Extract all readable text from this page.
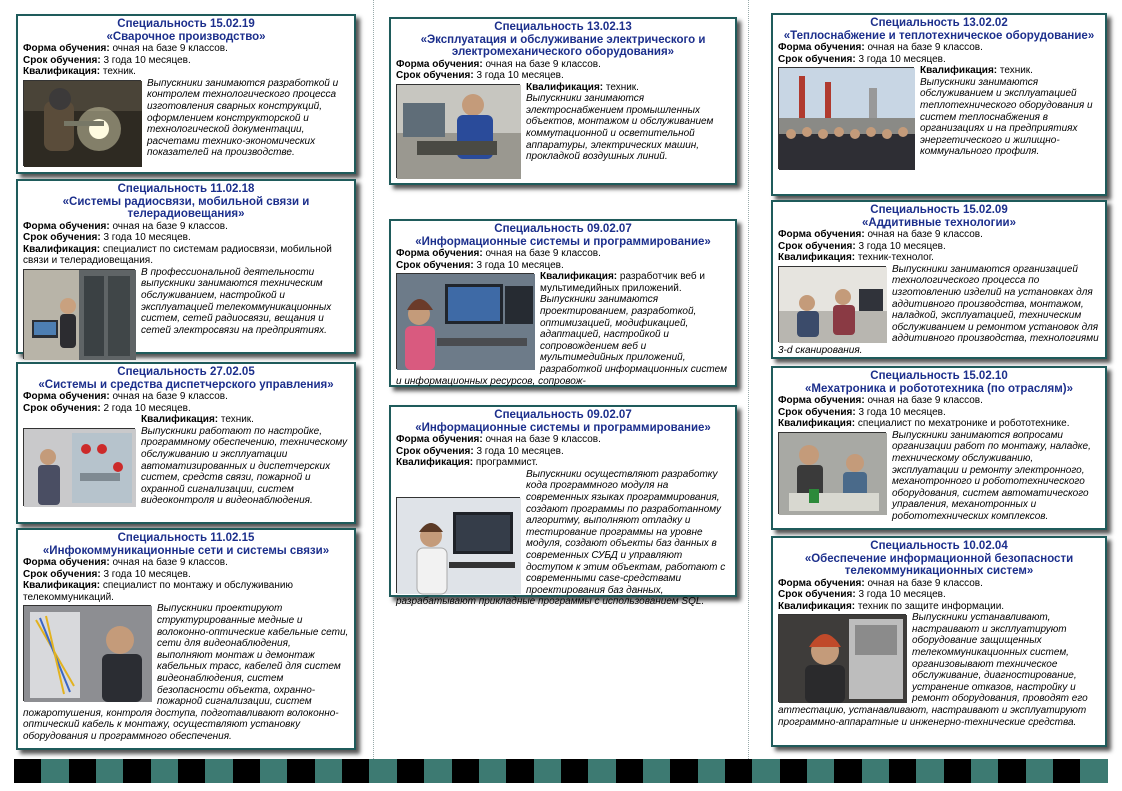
Специальность 15.02.19
«Сварочное производство»
Форма обучения: очная на базе 9 классов.
Срок обучения: 3 года 10 месяцев.
Квалификация: техник.
Выпускники занимаются разработкой и контролем технологического процесса изготовления сварных конструкций, оформлением конструкторской и технологической документации, расчетами технико-экономических показателей на производстве.
Специальность 11.02.18
«Системы радиосвязи, мобильной связи и телерадиовещания»
Форма обучения: очная на базе 9 классов.
Срок обучения: 3 года 10 месяцев.
Квалификация: специалист по системам радиосвязи, мобильной связи и телерадиовещания.
В профессиональной деятельности выпускники занимаются техническим обслуживанием, настройкой и эксплуатацией телекоммуникационных систем, сетей радиосвязи, вещания и сетей электросвязи на предприятиях.
Специальность 27.02.05
«Системы и средства диспетчерского управления»
Форма обучения: очная на базе 9 классов.
Срок обучения: 2 года 10 месяцев.
Квалификация: техник.
Выпускники работают по настройке, программному обеспечению, техническому обслуживанию и эксплуатации автоматизированных и диспетчерских систем, средств связи, пожарной и охранной сигнализации, систем видеоконтроля и видеонаблюдения.
Специальность 11.02.15
«Инфокоммуникационные сети и системы связи»
Форма обучения: очная на базе 9 классов.
Срок обучения: 3 года 10 месяцев.
Квалификация: специалист по монтажу и обслуживанию телекоммуникаций.
Выпускники проектируют структурированные медные и волоконно-оптические кабельные сети, сети для видеонаблюдения, выполняют монтаж и демонтаж кабельных трасс, кабелей для систем видеонаблюдения, систем безопасности объекта, охранно-пожарной сигнализации, систем пожаротушения, контроля доступа, подготавливают волоконно-оптический кабель к монтажу, осуществляют установку оборудования и программного обеспечения.
Специальность 13.02.13
«Эксплуатация и обслуживание электрического и электромеханического оборудования»
Форма обучения: очная на базе 9 классов.
Срок обучения: 3 года 10 месяцев.
Квалификация: техник.
Выпускники занимаются электроснабжением промышленных объектов, монтажом и обслуживанием коммутационной и осветительной аппаратуры, электрических машин, прокладкой воздушных линий.
Специальность 09.02.07
«Информационные системы и программирование»
Форма обучения: очная на базе 9 классов.
Срок обучения: 3 года 10 месяцев.
Квалификация: разработчик веб и мультимедийных приложений.
Выпускники занимаются проектированием, разработкой, оптимизацией, модификацией, адаптацией, настройкой и сопровождением веб и мультимедийных приложений, разработкой информационных систем и информационных ресурсов, сопровож-
Специальность 09.02.07
«Информационные системы и программирование»
Форма обучения: очная на базе 9 классов.
Срок обучения: 3 года 10 месяцев.
Квалификация: программист.
Выпускники осуществляют разработку кода программного модуля на современных языках программирования, создают программы по разработанному алгоритму, выполняют отладку и тестирование программы на уровне модуля, создают объекты баз данных в современных СУБД и управляют доступом к этим объектам, работают с современными case-средствами проектирования баз данных, разрабатывают прикладные программы с использованием SQL.
Специальность 13.02.02
«Теплоснабжение и теплотехническое оборудование»
Форма обучения: очная на базе 9 классов.
Срок обучения: 3 года 10 месяцев.
Квалификация: техник.
Выпускники занимаются обслуживанием и эксплуатацией теплотехнического оборудования и систем теплоснабжения в организациях и на предприятиях энергетического и жилищно-коммунального профиля.
Специальность 15.02.09
«Аддитивные технологии»
Форма обучения: очная на базе 9 классов.
Срок обучения: 3 года 10 месяцев.
Квалификация: техник-технолог.
Выпускники занимаются организацией технологического процесса по изготовлению изделий на установках для аддитивного производства, монтажом, наладкой, эксплуатацией, техническим обслуживанием и ремонтом установок для аддитивного производства, технологиями 3-d сканирования.
Специальность 15.02.10
«Мехатроника и робототехника (по отраслям)»
Форма обучения: очная на базе 9 классов.
Срок обучения: 3 года 10 месяцев.
Квалификация: специалист по мехатронике и робототехнике.
Выпускники занимаются вопросами организации работ по монтажу, наладке, техническому обслуживанию, эксплуатации и ремонту электронного, механотронного и робототехнического оборудования, систем автоматического управления, механотронных и робототехнических комплексов.
Специальность 10.02.04
«Обеспечение информационной безопасности телекоммуникационных систем»
Форма обучения: очная на базе 9 классов.
Срок обучения: 3 года 10 месяцев.
Квалификация: техник по защите информации.
Выпускники устанавливают, настраивают и эксплуатируют оборудование защищенных телекоммуникационных систем, организовывают техническое обслуживание, диагностирование, устранение отказов, настройку и ремонт оборудования, проводят его аттестацию, устанавливают, настраивают и эксплуатируют программно-аппаратные и инженерно-технические средства.
